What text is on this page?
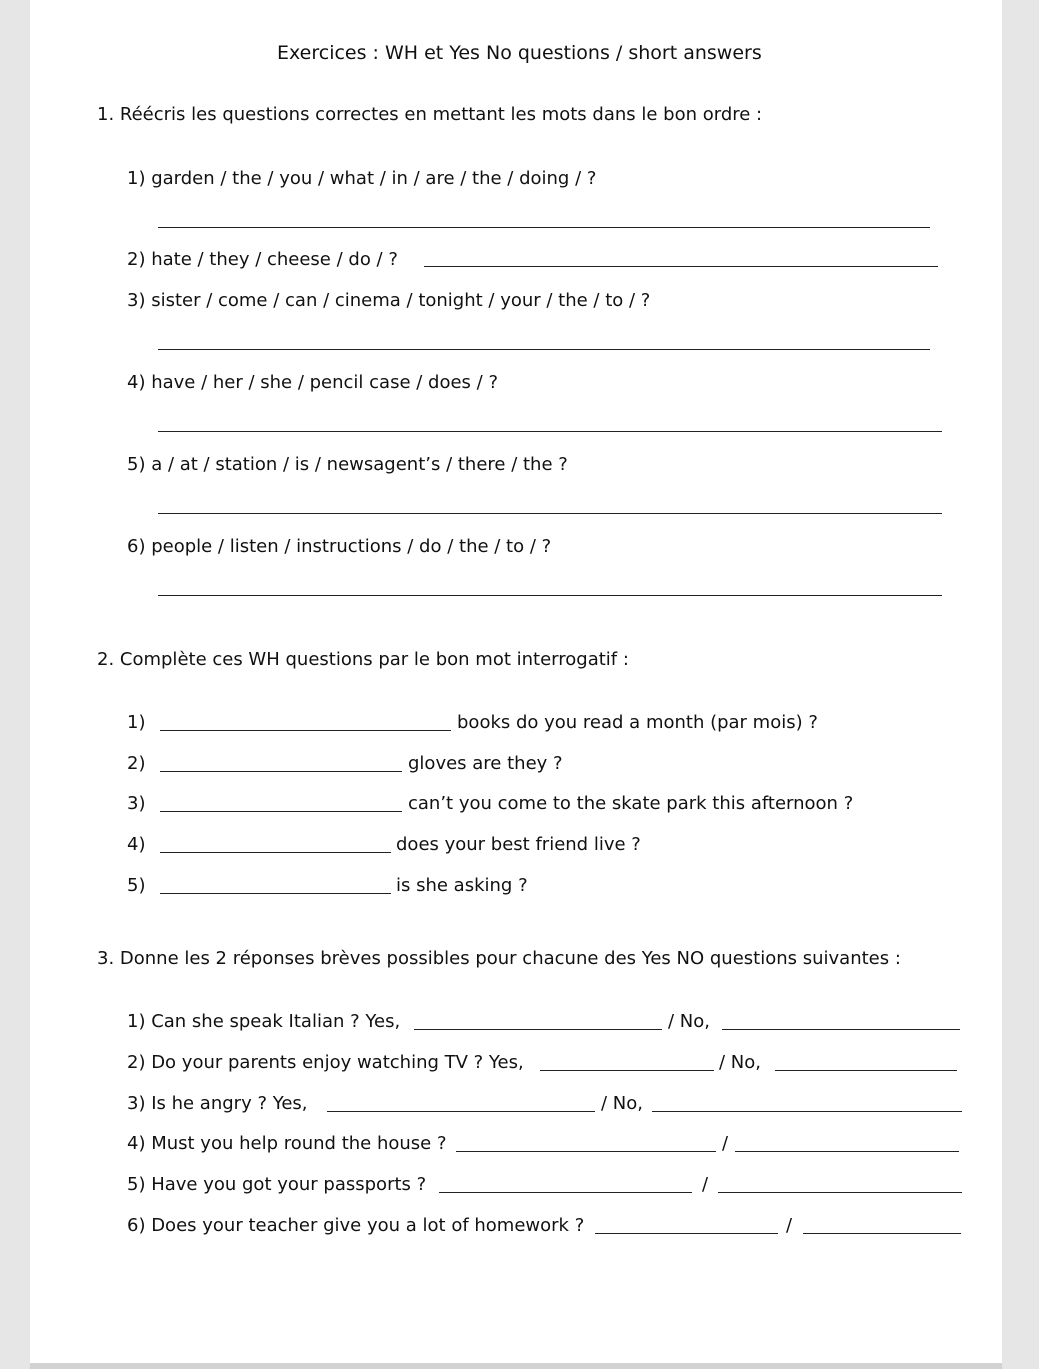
Exercices : WH et Yes No questions / short answers
1. Réécris les questions correctes en mettant les mots dans le bon ordre :
1) garden / the / you / what / in / are / the / doing / ?
2) hate / they / cheese / do / ?
3) sister / come / can / cinema / tonight / your / the / to / ?
4) have / her / she / pencil case / does / ?
5) a / at / station / is / newsagent’s / there / the ?
6) people / listen / instructions / do / the / to / ?
2. Complète ces WH questions par le bon mot interrogatif :
1)	books do you read a month (par mois) ?
2)	gloves are they ?
3)	can’t you come to the skate park this afternoon ?
4)	does your best friend live ?
5)	is she asking ?
3. Donne les 2 réponses brèves possibles pour chacune des Yes NO questions suivantes :
1) Can she speak Italian ? Yes,	/ No,
2) Do your parents enjoy watching TV ? Yes,	/ No,
3) Is he angry ? Yes,	/ No,
4) Must you help round the house ?	/
5) Have you got your passports ?	/
6) Does your teacher give you a lot of homework ?	/
